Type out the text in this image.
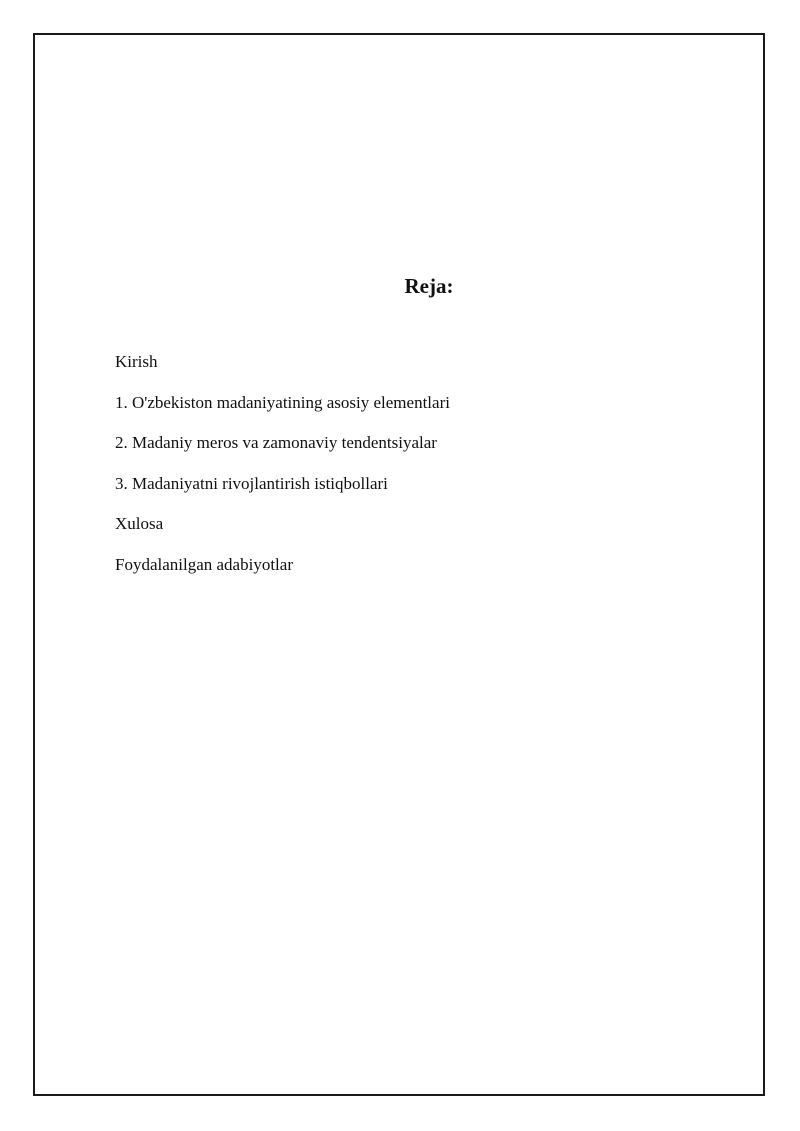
Reja:
Kirish
1. O'zbekiston madaniyatining asosiy elementlari
2. Madaniy meros va zamonaviy tendentsiyalar
3. Madaniyatni rivojlantirish istiqbollari
Xulosa
Foydalanilgan adabiyotlar
